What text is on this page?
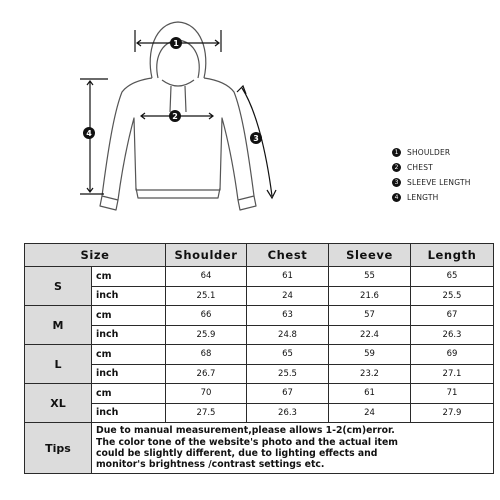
1
2
3
4
1	SHOULDER
2	CHEST
3	SLEEVE LENGTH
4	LENGTH
Size		Shoulder	Chest	Sleeve	Length
S	cm	64	61	55	65
	inch	25.1	24	21.6	25.5
M	cm	66	63	57	67
	inch	25.9	24.8	22.4	26.3
L	cm	68	65	59	69
	inch	26.7	25.5	23.2	27.1
XL	cm	70	67	61	71
	inch	27.5	26.3	24	27.9
Tips	Due to manual measurement,please allows 1-2(cm)error.
The color tone of the website's photo and the actual item
could be slightly different, due to lighting effects and
monitor's brightness /contrast settings etc.				
